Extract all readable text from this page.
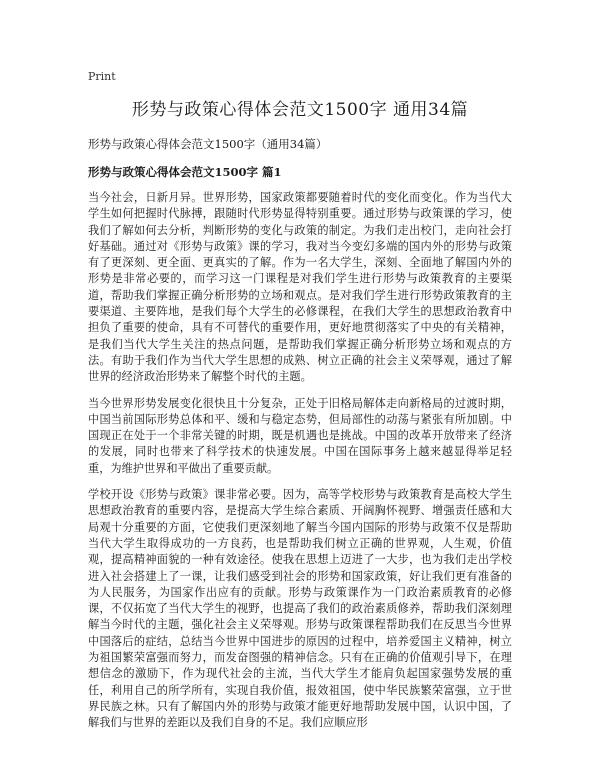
Print
形势与政策心得体会范文1500字 通用34篇
形势与政策心得体会范文1500字（通用34篇）
形势与政策心得体会范文1500字 篇1

当今社会，日新月异。世界形势，国家政策都要随着时代的变化而变化。作为当代大学生如何把握时代脉搏，跟随时代形势显得特别重要。通过形势与政策课的学习，使我们了解如何去分析，判断形势的变化与政策的制定。为我们走出校门，走向社会打好基础。通过对《形势与政策》课的学习，我对当今变幻多端的国内外的形势与政策有了更深刻、更全面、更真实的了解。作为一名大学生，深刻、全面地了解国内外的形势是非常必要的，而学习这一门课程是对我们学生进行形势与政策教育的主要渠道，帮助我们掌握正确分析形势的立场和观点。是对我们学生进行形势政策教育的主要渠道、主要阵地，是我们每个大学生的必修课程，在我们大学生的思想政治教育中担负了重要的使命，具有不可替代的重要作用，更好地贯彻落实了中央的有关精神，是我们当代大学生关注的热点问题，是帮助我们掌握正确分析形势立场和观点的方法。有助于我们作为当代大学生思想的成熟、树立正确的社会主义荣辱观，通过了解世界的经济政治形势来了解整个时代的主题。

当今世界形势发展变化很快且十分复杂，正处于旧格局解体走向新格局的过渡时期，中国当前国际形势总体和平、缓和与稳定态势，但局部性的动荡与紧张有所加剧。中国现正在处于一个非常关键的时期，既是机遇也是挑战。中国的改革开放带来了经济的发展，同时也带来了科学技术的快速发展。中国在国际事务上越来越显得举足轻重，为维护世界和平做出了重要贡献。

学校开设《形势与政策》课非常必要。因为，高等学校形势与政策教育是高校大学生思想政治教育的重要内容，是提高大学生综合素质、开阔胸怀视野、增强责任感和大局观十分重要的方面，它使我们更深刻地了解当今国内国际的形势与政策不仅是帮助当代大学生取得成功的一方良药，也是帮助我们树立正确的世界观，人生观，价值观，提高精神面貌的一种有效途径。使我在思想上迈进了一大步，也为我们走出学校进入社会搭建上了一课，让我们感受到社会的形势和国家政策，好让我们更有准备的为人民服务，为国家作出应有的贡献。形势与政策课作为一门政治素质教育的必修课，不仅拓宽了当代大学生的视野，也提高了我们的政治素质修养，帮助我们深刻理解当今时代的主题，强化社会主义荣辱观。形势与政策课程帮助我们在反思当今世界中国落后的症结，总结当今世界中国进步的原因的过程中，培养爱国主义精神，树立为祖国繁荣富强而努力，而发奋图强的精神信念。只有在正确的价值观引导下，在理想信念的激励下，作为现代社会的主流，当代大学生才能肩负起国家强势发展的重任，利用自己的所学所有，实现自我价值，报效祖国，使中华民族繁荣富强，立于世界民族之林。只有了解国内外的形势与政策才能更好地帮助发展中国，认识中国，了解我们与世界的差距以及我们自身的不足。我们应顺应形
